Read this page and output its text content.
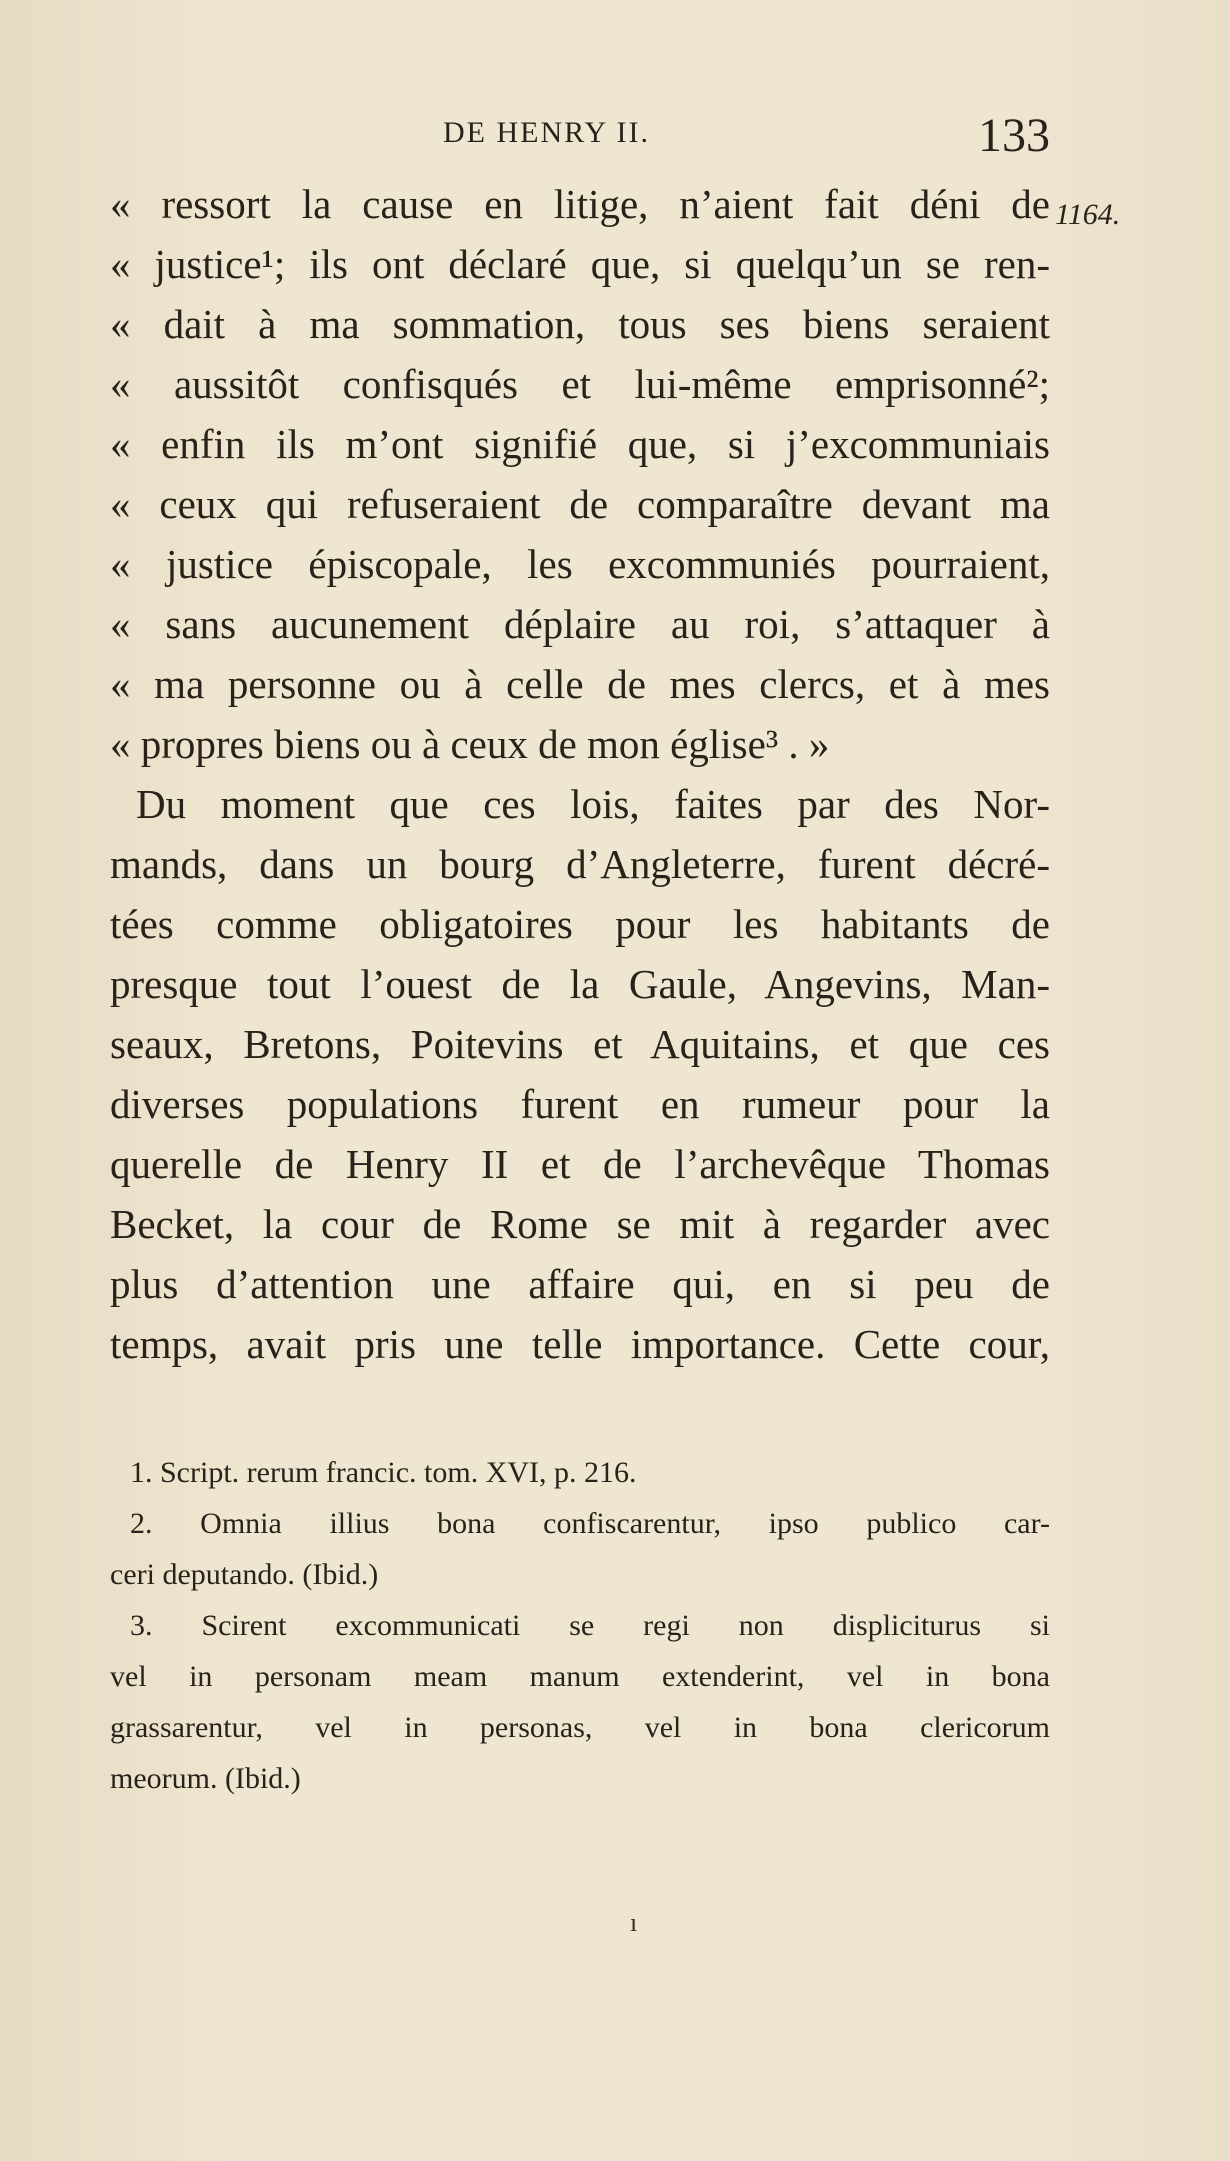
DE HENRY II.	133
1164.
« ressort la cause en litige, n’aient fait déni de
« justice¹; ils ont déclaré que, si quelqu’un se ren-
« dait à ma sommation, tous ses biens seraient
« aussitôt confisqués et lui-même emprisonné²;
« enfin ils m’ont signifié que, si j’excommuniais
« ceux qui refuseraient de comparaître devant ma
« justice épiscopale, les excommuniés pourraient,
« sans aucunement déplaire au roi, s’attaquer à
« ma personne ou à celle de mes clercs, et à mes
« propres biens ou à ceux de mon église³ . »
Du moment que ces lois, faites par des Nor-
mands, dans un bourg d’Angleterre, furent décré-
tées comme obligatoires pour les habitants de
presque tout l’ouest de la Gaule, Angevins, Man-
seaux, Bretons, Poitevins et Aquitains, et que ces
diverses populations furent en rumeur pour la
querelle de Henry II et de l’archevêque Thomas
Becket, la cour de Rome se mit à regarder avec
plus d’attention une affaire qui, en si peu de
temps, avait pris une telle importance. Cette cour,
1. Script. rerum francic. tom. XVI, p. 216.
2. Omnia illius bona confiscarentur, ipso publico car-
ceri deputando. (Ibid.)
3. Scirent excommunicati se regi non displiciturus si
vel in personam meam manum extenderint, vel in bona
grassarentur, vel in personas, vel in bona clericorum
meorum. (Ibid.)
ı
